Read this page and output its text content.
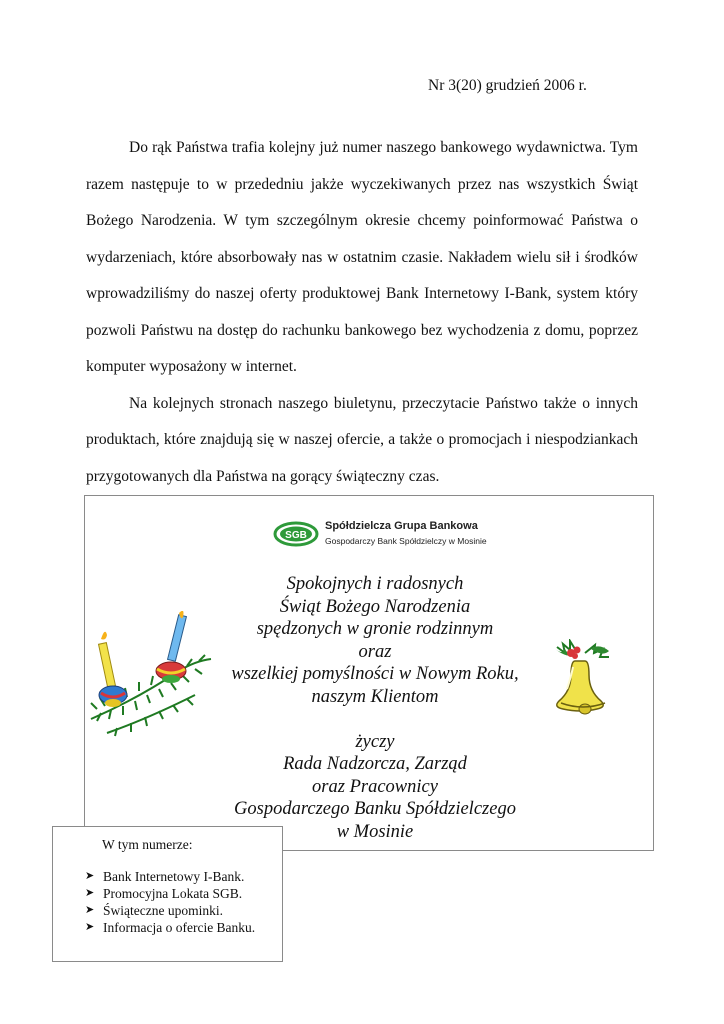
Nr 3(20) grudzień 2006 r.

Do rąk Państwa trafia kolejny już numer naszego bankowego wydawnictwa. Tym razem następuje to w przededniu jakże wyczekiwanych przez nas wszystkich Świąt Bożego Narodzenia. W tym szczególnym okresie chcemy poinformować Państwa o wydarzeniach, które absorbowały nas w ostatnim czasie. Nakładem wielu sił i środków wprowadziliśmy do naszej oferty produktowej Bank Internetowy I-Bank, system który pozwoli Państwu na dostęp do rachunku bankowego bez wychodzenia z domu, poprzez komputer wyposażony w internet.

Na kolejnych stronach naszego biuletynu, przeczytacie Państwo także o innych produktach, które znajdują się w naszej ofercie, a także o promocjach i niespodziankach przygotowanych dla Państwa na gorący świąteczny czas.

SGB
Spółdzielcza Grupa Bankowa
Gospodarczy Bank Spółdzielczy w Mosinie
Spokojnych i radosnych
Świąt Bożego Narodzenia
spędzonych w gronie rodzinnym
oraz
wszelkiej pomyślności w Nowym Roku,
naszym Klientom

życzy
Rada Nadzorcza, Zarząd
oraz Pracownicy
Gospodarczego Banku Spółdzielczego
w Mosinie
W tym numerze:
➤ Bank Internetowy I-Bank.
➤ Promocyjna Lokata SGB.
➤ Świąteczne upominki.
➤ Informacja o ofercie Banku.
